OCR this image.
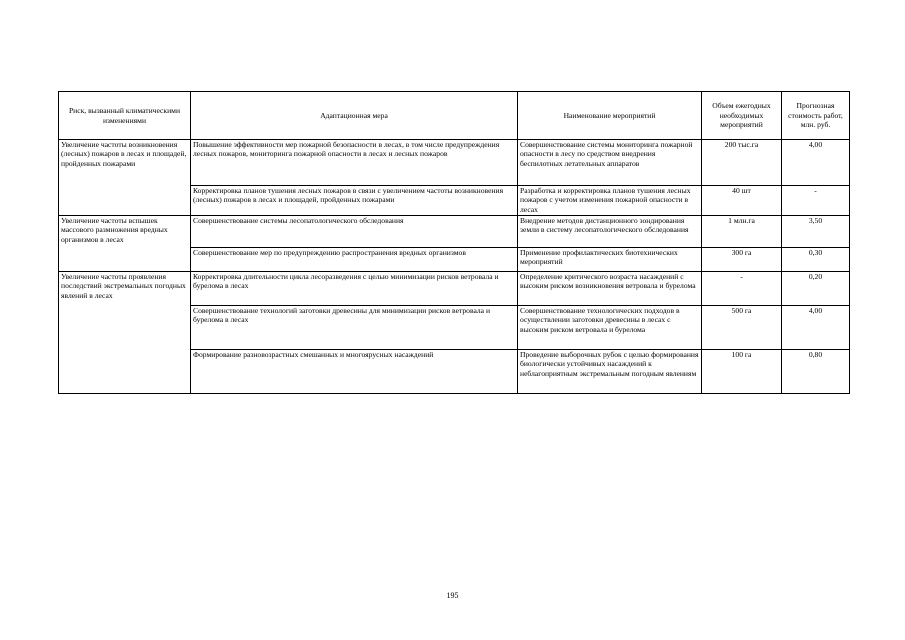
Риск, вызванный климатическими изменениями	Адаптационная мера	Наименование мероприятий	Объем ежегодных необходимых мероприятий	Прогнозная стоимость работ, млн. руб.
Увеличение частоты возникновения (лесных) пожаров в лесах и площадей, пройденных пожарами	Повышение эффективности мер пожарной безопасности в лесах, в том числе предупреждения лесных пожаров, мониторинга пожарной опасности в лесах и лесных пожаров	Совершенствование системы мониторинга пожарной опасности в лесу по средством внедрения беспилотных летательных аппаратов	200 тыс.га	4,00
	Корректировка планов тушения лесных пожаров в связи с увеличением частоты возникновения (лесных) пожаров в лесах и площадей, пройденных пожарами	Разработка и корректировка планов тушения лесных пожаров с учетом изменения пожарной опасности в лесах	40 шт	-
Увеличение частоты вспышек массового размножения вредных организмов в лесах	Совершенствование системы лесопатологического обследования	Внедрение методов дистанционного зондирования земли в систему лесопатологического обследования	1 млн.га	3,50
	Совершенствование мер по предупреждению распространения вредных организмов	Применение профилактических биотехнических мероприятий	300 га	0,30
Увеличение частоты проявления последствий экстремальных погодных явлений в лесах	Корректировка длительности цикла лесоразведения с целью минимизации рисков ветровала и бурелома в лесах	Определение критического возраста насаждений с высоким риском возникновения ветровала и бурелома	-	0,20
	Совершенствование технологий заготовки древесины для минимизации рисков ветровала и бурелома в лесах	Совершенствование технологических подходов в осуществлении заготовки древесины в лесах с высоким риском ветровала и бурелома	500 га	4,00
	Формирование разновозрастных смешанных и многоярусных насаждений	Проведение выборочных рубок с целью формирования биологически устойчивых насаждений к неблагоприятным экстремальным погодным явлениям	100 га	0,80
195
